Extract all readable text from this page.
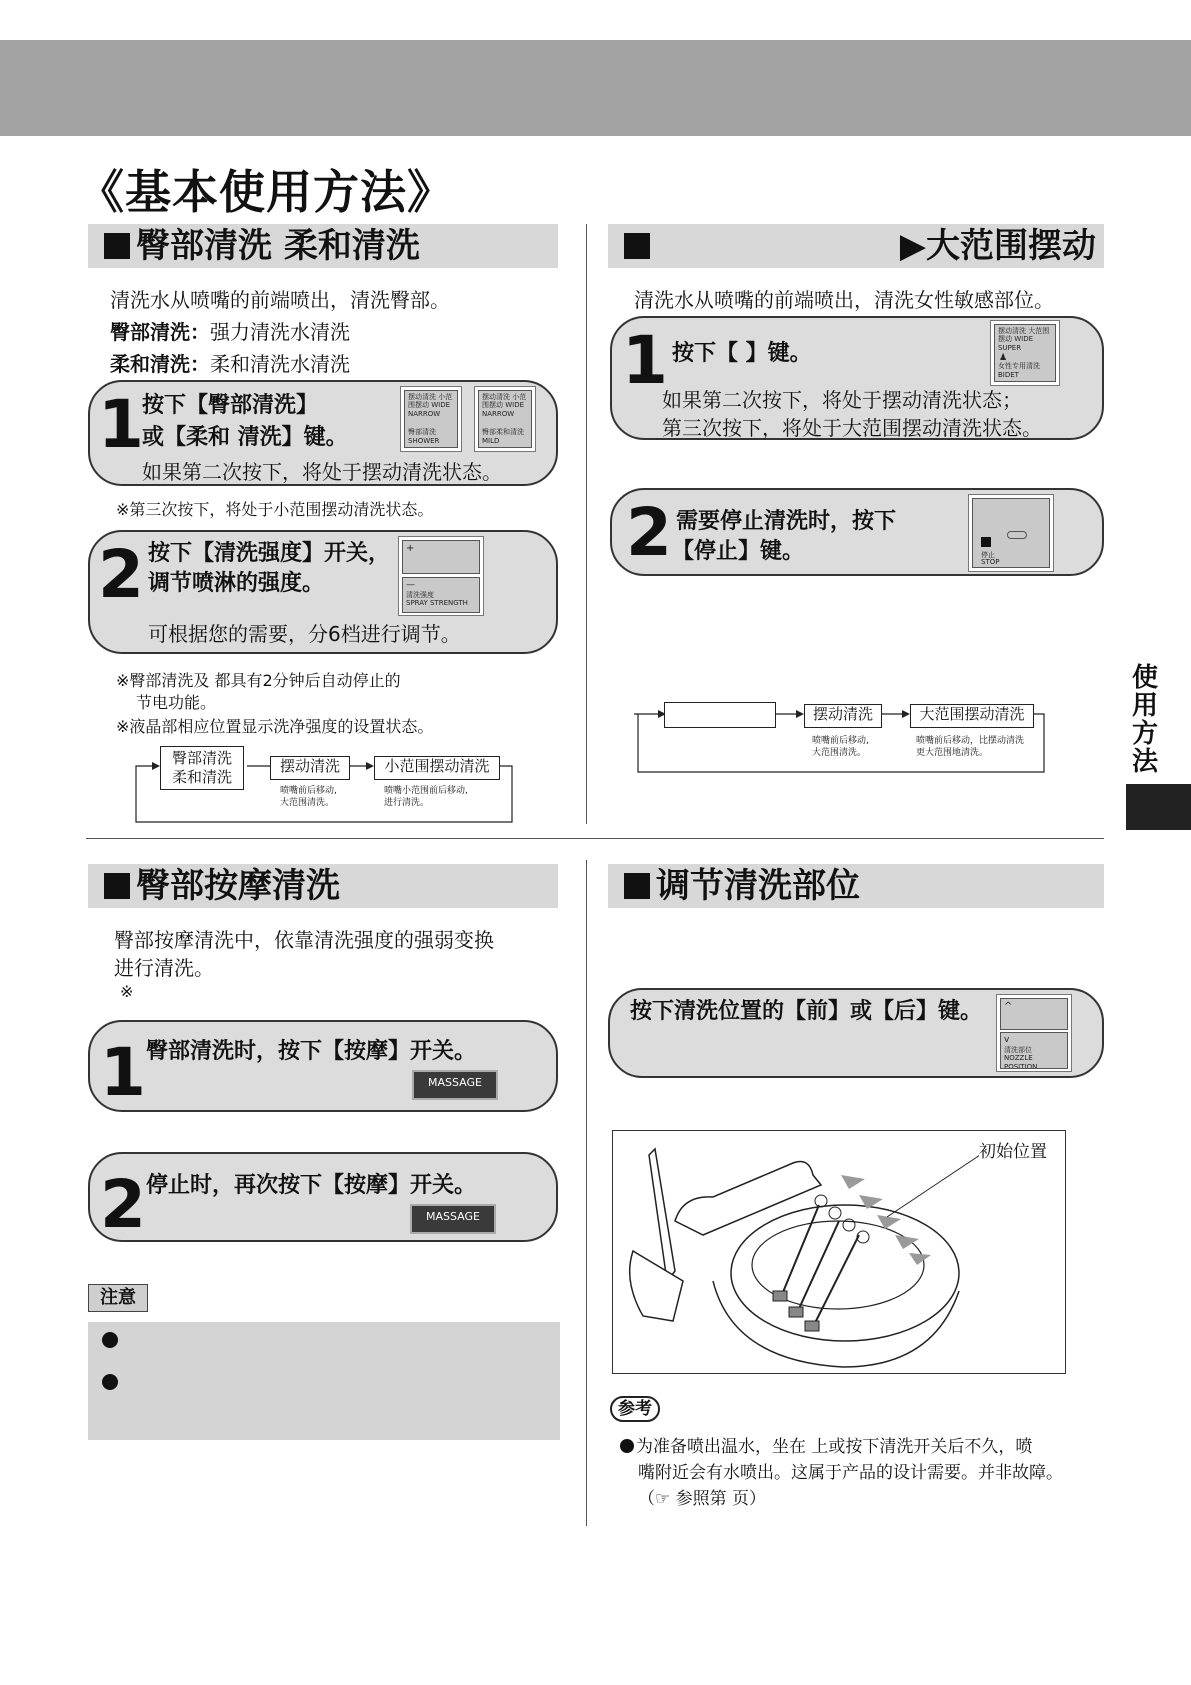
《基本使用方法》
臀部清洗 柔和清洗
清洗水从喷嘴的前端喷出，清洗臀部。
臀部清洗：强力清洗水清洗
柔和清洗：柔和清洗水清洗
1
按下【臀部清洗】
或【柔和 清洗】键。
如果第二次按下，将处于摆动清洗状态。
摆动清洗 小范围摆动 WIDE NARROW
臀部清洗 SHOWER
摆动清洗 小范围摆动 WIDE NARROW
臀部柔和清洗 MILD
※第三次按下，将处于小范围摆动清洗状态。
2 按下【清洗强度】开关，
调节喷淋的强度。
可根据您的需要，分6档进行调节。
+
—
清洗强度
SPRAY STRENGTH
※臀部清洗及 都具有2分钟后自动停止的
节电功能。
※液晶部相应位置显示洗净强度的设置状态。
臀部清洗
柔和清洗
摆动清洗
喷嘴前后移动,
大范围清洗。
小范围摆动清洗
喷嘴小范围前后移动,
进行清洗。
▶大范围摆动
清洗水从喷嘴的前端喷出，清洗女性敏感部位。
1 按下【 】键。
如果第二次按下，将处于摆动清洗状态；
第三次按下，将处于大范围摆动清洗状态。
摆动清洗 大范围摆动 WIDE SUPER
♟
女性专用清洗 BIDET
2 需要停止清洗时，按下
【停止】键。	停止
STOP
摆动清洗
喷嘴前后移动,
大范围清洗。
大范围摆动清洗
喷嘴前后移动，比摆动清洗
更大范围地清洗。
使
用
方
法
臀部按摩清洗
臀部按摩清洗中，依靠清洗强度的强弱变换
进行清洗。
※
1 臀部清洗时，按下【按摩】开关。
MASSAGE
2 停止时，再次按下【按摩】开关。
MASSAGE
注意
调节清洗部位
按下清洗位置的【前】或【后】键。	^
v
清洗部位
NOZZLE POSITION
初始位置
参考
为准备喷出温水，坐在 上或按下清洗开关后不久，喷
嘴附近会有水喷出。这属于产品的设计需要。并非故障。
（☞ 参照第 页）
